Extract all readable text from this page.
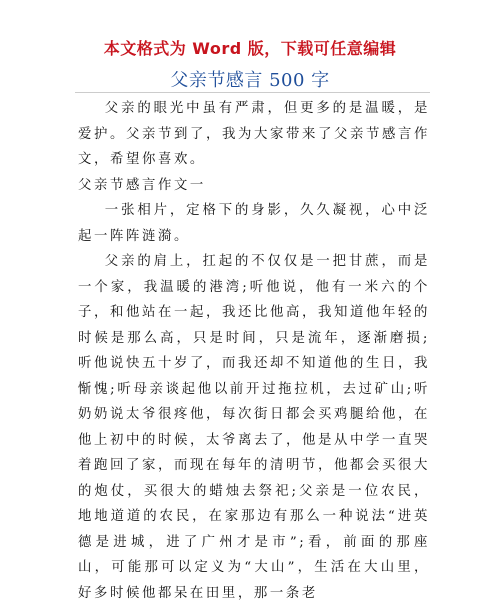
本文格式为 Word 版，下载可任意编辑
父亲节感言 500 字

父亲的眼光中虽有严肃，但更多的是温暖，是爱护。父亲节到了，我为大家带来了父亲节感言作文，希望你喜欢。

父亲节感言作文一

一张相片，定格下的身影，久久凝视，心中泛起一阵阵涟漪。

父亲的肩上，扛起的不仅仅是一把甘蔗，而是一个家，我温暖的港湾;听他说，他有一米六的个子，和他站在一起，我还比他高，我知道他年轻的时候是那么高，只是时间，只是流年，逐渐磨损;听他说快五十岁了，而我还却不知道他的生日，我惭愧;听母亲谈起他以前开过拖拉机，去过矿山;听奶奶说太爷很疼他，每次街日都会买鸡腿给他，在他上初中的时候，太爷离去了，他是从中学一直哭着跑回了家，而现在每年的清明节，他都会买很大的炮仗，买很大的蜡烛去祭祀;父亲是一位农民，地地道道的农民，在家那边有那么一种说法“进英德是进城，进了广州才是市”;看，前面的那座山，可能那可以定义为“大山”，生活在大山里，好多时候他都呆在田里，那一条老
